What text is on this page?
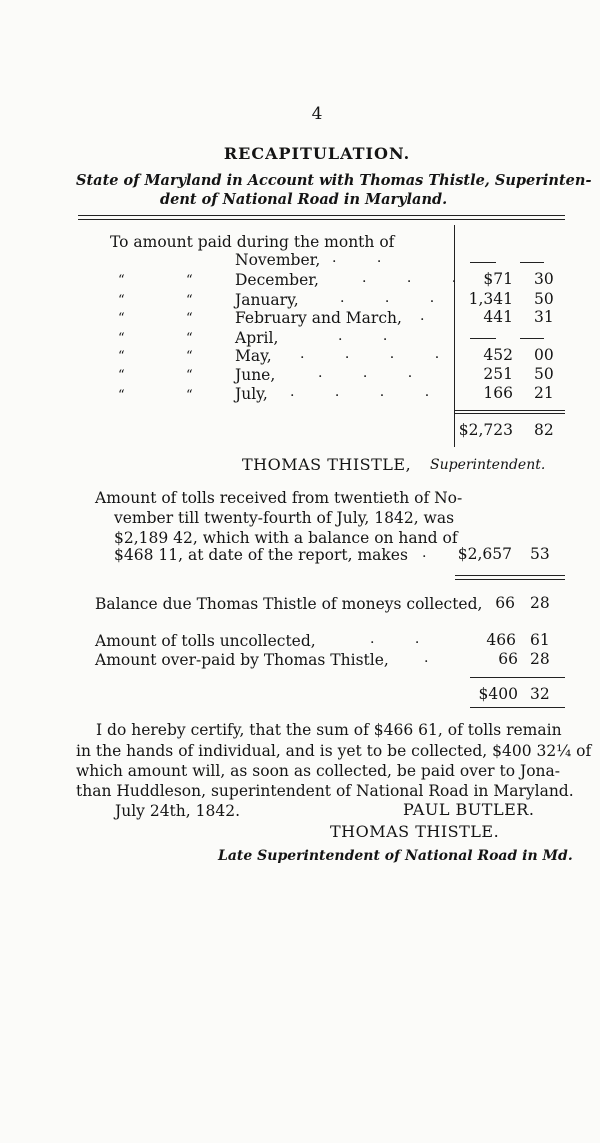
4
RECAPITULATION.
State of Maryland in Account with Thomas Thistle, Superinten-
dent of National Road in Maryland.
To amount paid during the month of
November, . .
“	“	December,	. . . $71 30
“	“	January,	. . .	1,341 50
“	“	February and March, .	441 31
“	“	April,	. .
“	“	May, . . . .	452 00
“	“	June,	. . .	251 50
“	“	July, . . . .	166 21
$2,723 82
THOMAS THISTLE, Superintendent.
Amount of tolls received from twentieth of No-
vember till twenty-fourth of July, 1842, was
$2,189 42, which with a balance on hand of
$468 11, at date of the report, makes . $2,657 53
Balance due Thomas Thistle of moneys collected, 66 28
Amount of tolls uncollected,	. .	466 61
Amount over-paid by Thomas Thistle,	.	66 28
$400 32
I do hereby certify, that the sum of $466 61, of tolls remain
in the hands of individual, and is yet to be collected, $400 32¼ of
which amount will, as soon as collected, be paid over to Jona-
than Huddleson, superintendent of National Road in Maryland.
July 24th, 1842.	PAUL BUTLER.
THOMAS THISTLE.
Late Superintendent of National Road in Md.
